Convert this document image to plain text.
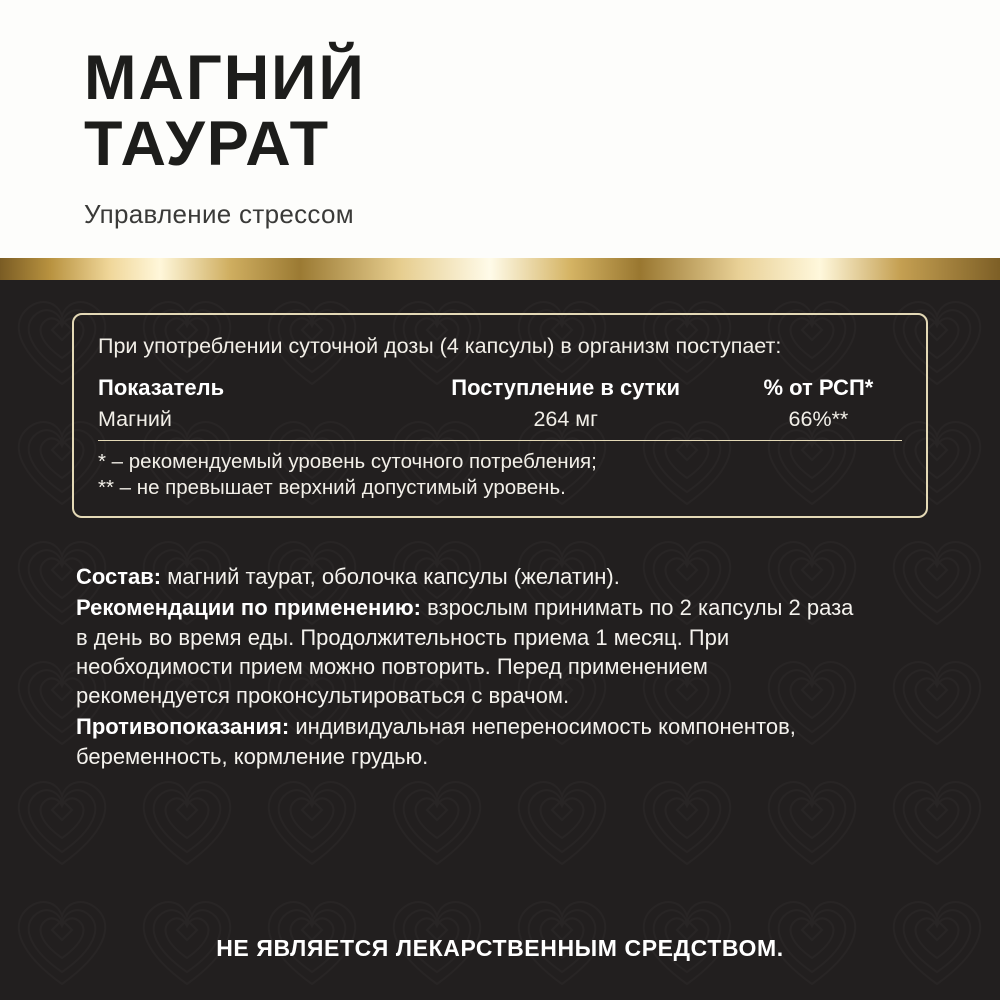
МАГНИЙ
ТАУРАТ
Управление стрессом
При употреблении суточной дозы (4 капсулы) в организм поступает:
Показатель	Поступление в сутки	% от РСП*
Магний	264 мг	66%**
* – рекомендуемый уровень суточного потребления;
** – не превышает верхний допустимый уровень.

Состав: магний таурат, оболочка капсулы (желатин).

Рекомендации по применению: взрослым принимать по 2 капсулы 2 раза в день во время еды. Продолжительность приема 1 месяц. При необходимости прием можно повторить. Перед применением рекомендуется проконсультироваться с врачом.

Противопоказания: индивидуальная непереносимость компонентов, беременность, кормление грудью.

НЕ ЯВЛЯЕТСЯ ЛЕКАРСТВЕННЫМ СРЕДСТВОМ.
